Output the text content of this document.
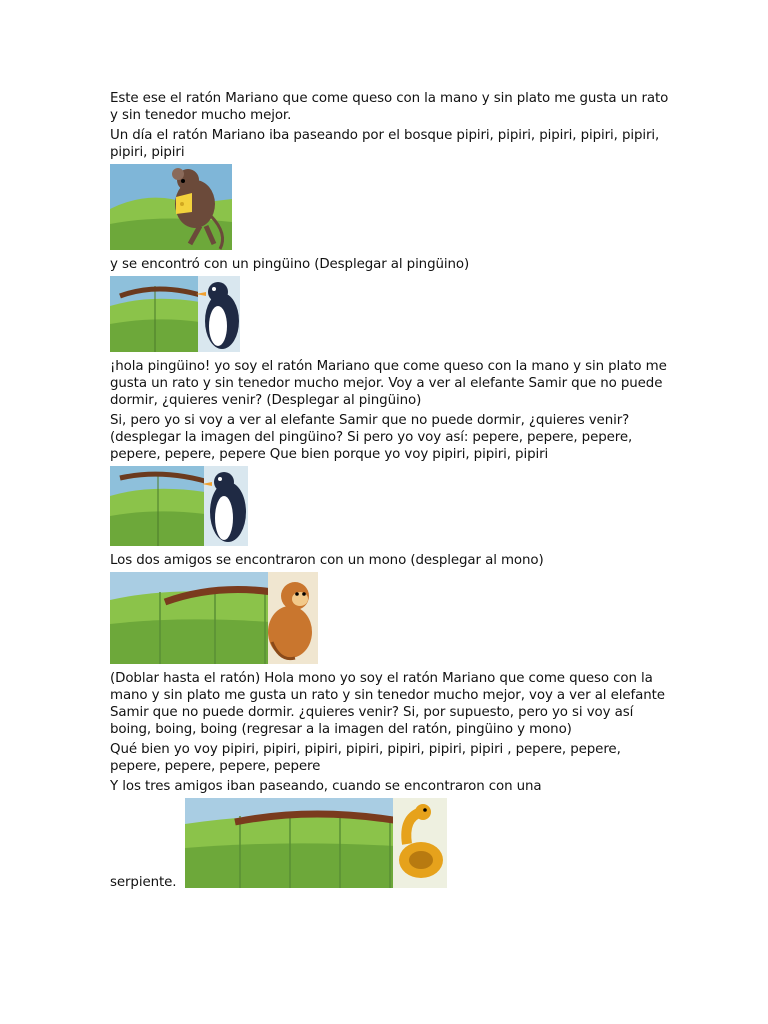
Este ese el ratón Mariano que come queso con la mano y sin plato me gusta un rato y sin tenedor mucho mejor.

Un día el ratón Mariano iba paseando por el bosque pipiri, pipiri, pipiri, pipiri, pipiri, pipiri, pipiri

y se encontró con un pingüino (Desplegar al pingüino)

¡hola pingüino! yo soy el ratón Mariano que come queso con la mano y sin plato me gusta un rato y sin tenedor mucho mejor. Voy a ver al elefante Samir que no puede dormir, ¿quieres venir? (Desplegar al pingüino)

Si, pero yo si voy a ver al elefante Samir que no puede dormir, ¿quieres venir? (desplegar la imagen del pingüino? Si pero yo voy así: pepere, pepere, pepere, pepere, pepere, pepere Que bien porque yo voy pipiri, pipiri, pipiri

Los dos amigos se encontraron con un mono (desplegar al mono)

(Doblar hasta el ratón) Hola mono yo soy el ratón Mariano que come queso con la mano y sin plato me gusta un rato y sin tenedor mucho mejor, voy a ver al elefante Samir que no puede dormir. ¿quieres venir? Si, por supuesto, pero yo si voy así boing, boing, boing (regresar a la imagen del ratón, pingüino y mono)

Qué bien yo voy pipiri, pipiri, pipiri, pipiri, pipiri, pipiri, pipiri , pepere, pepere, pepere, pepere, pepere, pepere

Y los tres amigos iban paseando, cuando se encontraron con una

serpiente.
